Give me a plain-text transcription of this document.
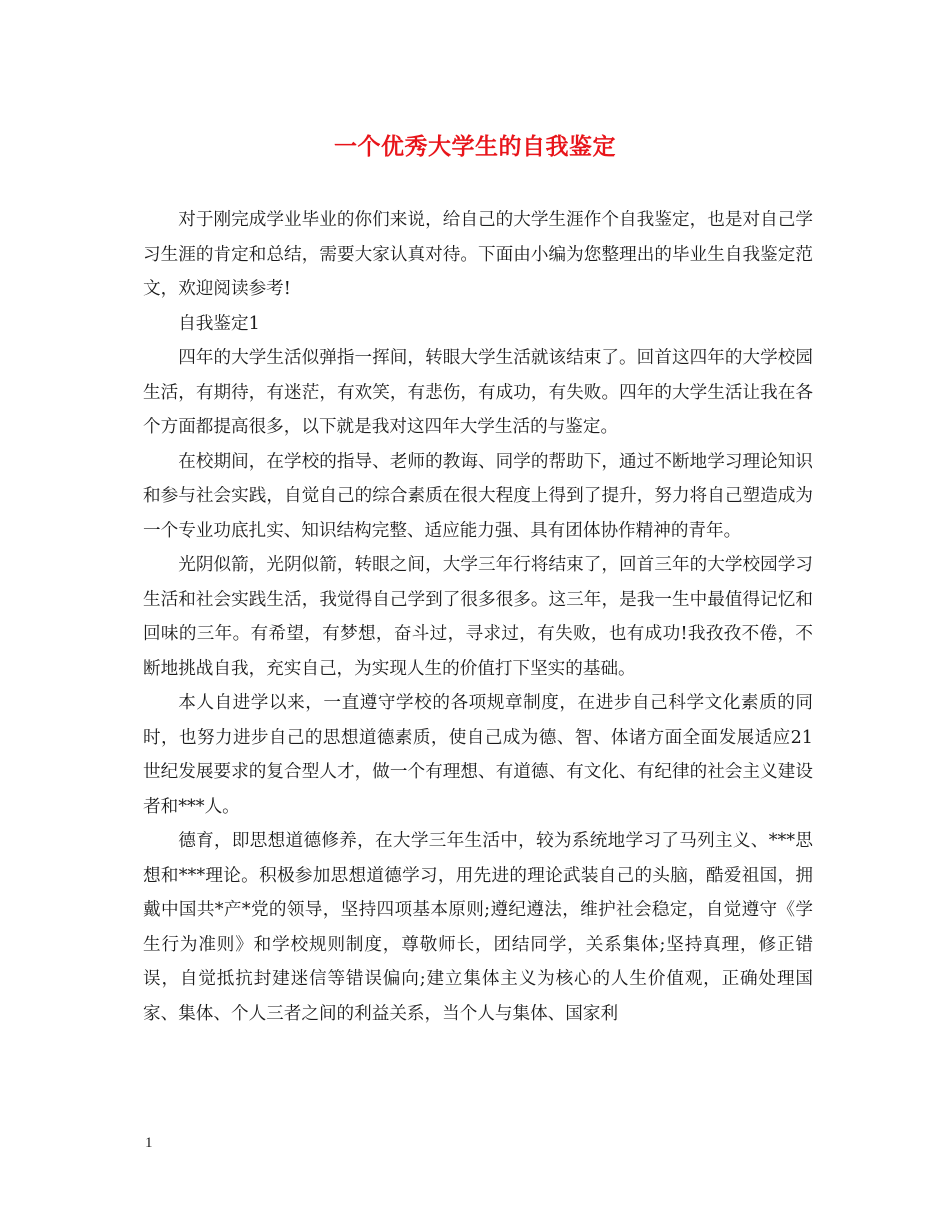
一个优秀大学生的自我鉴定

对于刚完成学业毕业的你们来说，给自己的大学生涯作个自我鉴定，也是对自己学习生涯的肯定和总结，需要大家认真对待。下面由小编为您整理出的毕业生自我鉴定范文，欢迎阅读参考!

自我鉴定1

四年的大学生活似弹指一挥间，转眼大学生活就该结束了。回首这四年的大学校园生活，有期待，有迷茫，有欢笑，有悲伤，有成功，有失败。四年的大学生活让我在各个方面都提高很多，以下就是我对这四年大学生活的与鉴定。

在校期间，在学校的指导、老师的教诲、同学的帮助下，通过不断地学习理论知识和参与社会实践，自觉自己的综合素质在很大程度上得到了提升，努力将自己塑造成为一个专业功底扎实、知识结构完整、适应能力强、具有团体协作精神的青年。

光阴似箭，光阴似箭，转眼之间，大学三年行将结束了，回首三年的大学校园学习生活和社会实践生活，我觉得自己学到了很多很多。这三年，是我一生中最值得记忆和回味的三年。有希望，有梦想，奋斗过，寻求过，有失败，也有成功!我孜孜不倦，不断地挑战自我，充实自己，为实现人生的价值打下坚实的基础。

本人自进学以来，一直遵守学校的各项规章制度，在进步自己科学文化素质的同时，也努力进步自己的思想道德素质，使自己成为德、智、体诸方面全面发展适应21世纪发展要求的复合型人才，做一个有理想、有道德、有文化、有纪律的社会主义建设者和***人。

德育，即思想道德修养，在大学三年生活中，较为系统地学习了马列主义、***思想和***理论。积极参加思想道德学习，用先进的理论武装自己的头脑，酷爱祖国，拥戴中国共*产*党的领导，坚持四项基本原则;遵纪遵法，维护社会稳定，自觉遵守《学生行为准则》和学校规则制度，尊敬师长，团结同学，关系集体;坚持真理，修正错误，自觉抵抗封建迷信等错误偏向;建立集体主义为核心的人生价值观，正确处理国家、集体、个人三者之间的利益关系，当个人与集体、国家利

1
